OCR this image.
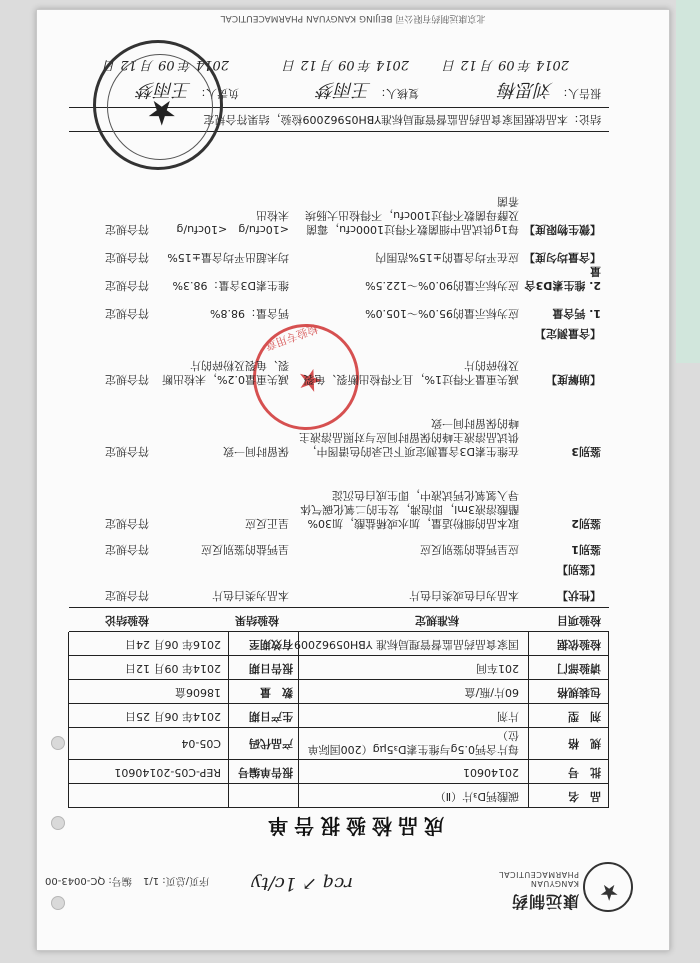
★
康远制药
KANGYUAN PHARMACEUTICAL
rcq ↗ 1c/ty
序页/总页: 1/1 编号: QC-0043-00
成品检验报告单
品　名
碳酸钙D₃片（Ⅱ）
批　号
20140601
报告单编号
REP-C05-20140601
规　格
每片含钙0.5g与维生素D₃5μg（200国际单位）
产品代码
C05-04
包装规格
60片/瓶/盒
数　量
18606盒
剂　型
片剂
生产日期
2014年 06月 25日
请验部门
201车间
报告日期
2014年 09月 12日
检验依据
国家食品药品监督管理局标准 YBH05962009
有效期至
2016年 06月 24日
检验项目
标准规定
检验结果
检验结论
结论：本品依据国家食品药品监督管理局标准YBH05962009检验，结果符合规定
报告人：
刘思梅
2014 年 09 月 12 日
复核人：
王雨梦
2014 年 09 月 12 日
负责人：
王雨梦
2014 年 09 月 12 日
★
检验专用章
★
北京康远制药有限公司 BEIJING KANGYUAN PHARMACEUTICAL
【性状】
本品为白色或类白色片
本品为类白色片
符合规定
【鉴别】
鉴别1
应呈钙盐的鉴别反应
呈钙盐的鉴别反应
符合规定
鉴别2
取本品的细粉适量，加水或稀盐酸，加30%醋酸溶液3ml，即泡沸，发生的二氧化碳气体导入氢氧化钙试液中，即生成白色沉淀
呈正反应
符合规定
鉴别3
在维生素D3含量测定项下记录的色谱图中，供试品溶液主峰的保留时间应与对照品溶液主峰的保留时间一致
保留时间一致
符合规定
【崩解度】
减失重量不得过1%，且不得检出断裂、龟裂及粉碎的片
减失重量0.2%，未检出断裂、龟裂及粉碎的片
符合规定
【含量测定】
1. 钙含量
应为标示量的95.0%～105.0%
钙含量：98.8%
符合规定
2. 维生素D3含量
应为标示量的90.0%～122.5%
维生素D3含量：98.3%
符合规定
【含量均匀度】
应在平均含量的±15%范围内
均未超出平均含量±15%
符合规定
【微生物限度】
每1g供试品中细菌数不得过1000cfu，霉菌及酵母菌数不得过100cfu，不得检出大肠埃希菌
<10cfu/g　<10cfu/g　未检出
符合规定
